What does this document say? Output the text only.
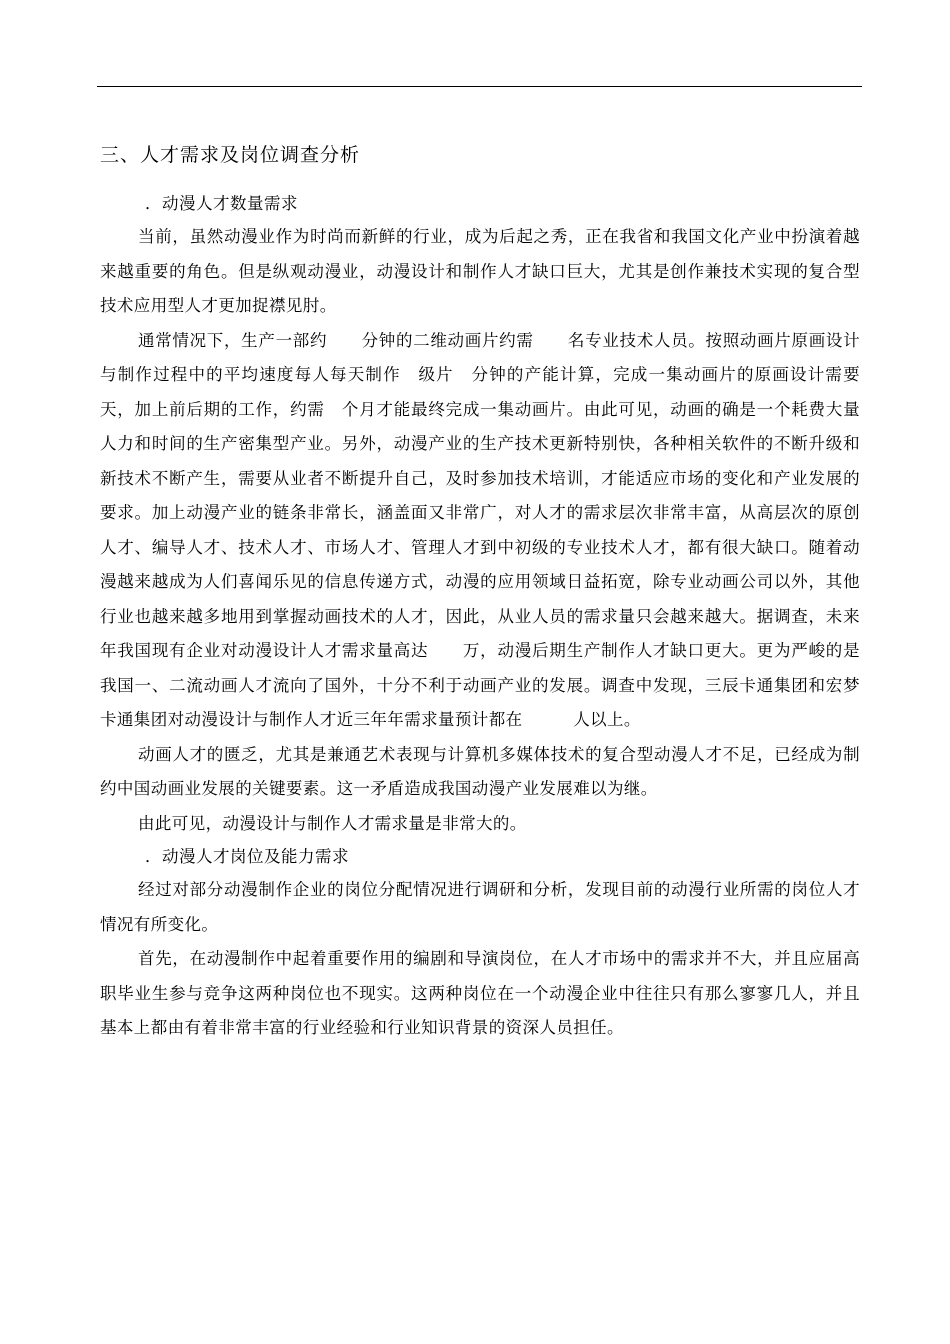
三、人才需求及岗位调查分析
．动漫人才数量需求

当前，虽然动漫业作为时尚而新鲜的行业，成为后起之秀，正在我省和我国文化产业中扮演着越来越重要的角色。但是纵观动漫业，动漫设计和制作人才缺口巨大，尤其是创作兼技术实现的复合型技术应用型人才更加捉襟见肘。

通常情况下，生产一部约　　分钟的二维动画片约需　　名专业技术人员。按照动画片原画设计与制作过程中的平均速度每人每天制作　级片　分钟的产能计算，完成一集动画片的原画设计需要　　天，加上前后期的工作，约需　个月才能最终完成一集动画片。由此可见，动画的确是一个耗费大量人力和时间的生产密集型产业。另外，动漫产业的生产技术更新特别快，各种相关软件的不断升级和新技术不断产生，需要从业者不断提升自己，及时参加技术培训，才能适应市场的变化和产业发展的要求。加上动漫产业的链条非常长，涵盖面又非常广，对人才的需求层次非常丰富，从高层次的原创人才、编导人才、技术人才、市场人才、管理人才到中初级的专业技术人才，都有很大缺口。随着动漫越来越成为人们喜闻乐见的信息传递方式，动漫的应用领域日益拓宽，除专业动画公司以外，其他行业也越来越多地用到掌握动画技术的人才，因此，从业人员的需求量只会越来越大。据调查，未来　年我国现有企业对动漫设计人才需求量高达　　万，动漫后期生产制作人才缺口更大。更为严峻的是我国一、二流动画人才流向了国外，十分不利于动画产业的发展。调查中发现，三辰卡通集团和宏梦卡通集团对动漫设计与制作人才近三年年需求量预计都在　　　人以上。

动画人才的匮乏，尤其是兼通艺术表现与计算机多媒体技术的复合型动漫人才不足，已经成为制约中国动画业发展的关键要素。这一矛盾造成我国动漫产业发展难以为继。

由此可见，动漫设计与制作人才需求量是非常大的。

．动漫人才岗位及能力需求

经过对部分动漫制作企业的岗位分配情况进行调研和分析，发现目前的动漫行业所需的岗位人才情况有所变化。

首先，在动漫制作中起着重要作用的编剧和导演岗位，在人才市场中的需求并不大，并且应届高职毕业生参与竞争这两种岗位也不现实。这两种岗位在一个动漫企业中往往只有那么寥寥几人，并且基本上都由有着非常丰富的行业经验和行业知识背景的资深人员担任。
